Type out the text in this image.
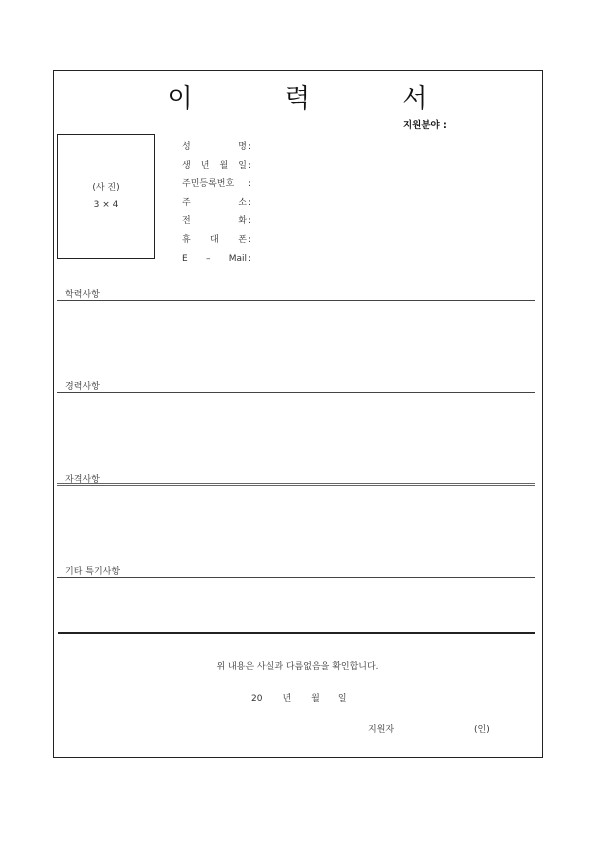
이 력 서
지원분야 :
(사 진)
3 × 4
성	명 :
생 년 월 일 :
주민등록번호 :
주	소 :
전	화 :
휴 대 폰 :
E – Mail :
학력사항
경력사항
자격사항
기타 특기사항
위 내용은 사실과 다름없음을 확인합니다.
20 년 월 일
지원자	(인)
